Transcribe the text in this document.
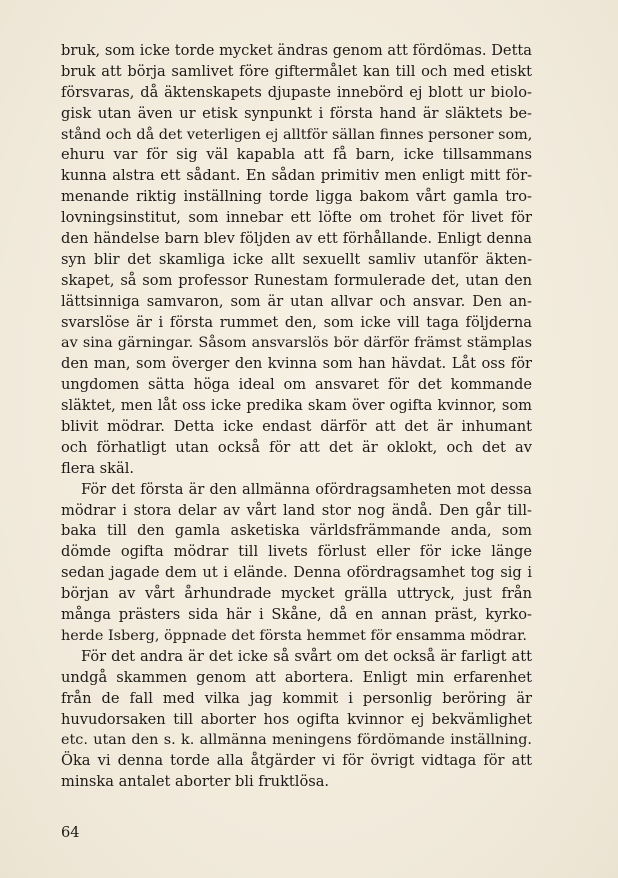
bruk, som icke torde mycket ändras genom att fördömas. Detta
bruk att börja samlivet före giftermålet kan till och med etiskt
försvaras, då äktenskapets djupaste innebörd ej blott ur biolo-
gisk utan även ur etisk synpunkt i första hand är släktets be-
stånd och då det veterligen ej alltför sällan finnes personer som,
ehuru var för sig väl kapabla att få barn, icke tillsammans
kunna alstra ett sådant. En sådan primitiv men enligt mitt för-
menande riktig inställning torde ligga bakom vårt gamla tro-
lovningsinstitut, som innebar ett löfte om trohet för livet för
den händelse barn blev följden av ett förhållande. Enligt denna
syn blir det skamliga icke allt sexuellt samliv utanför äkten-
skapet, så som professor Runestam formulerade det, utan den
lättsinniga samvaron, som är utan allvar och ansvar. Den an-
svarslöse är i första rummet den, som icke vill taga följderna
av sina gärningar. Såsom ansvarslös bör därför främst stämplas
den man, som överger den kvinna som han hävdat. Låt oss för
ungdomen sätta höga ideal om ansvaret för det kommande
släktet, men låt oss icke predika skam över ogifta kvinnor, som
blivit mödrar. Detta icke endast därför att det är inhumant
och förhatligt utan också för att det är oklokt, och det av
flera skäl.
För det första är den allmänna ofördragsamheten mot dessa
mödrar i stora delar av vårt land stor nog ändå. Den går till-
baka till den gamla asketiska världsfrämmande anda, som
dömde ogifta mödrar till livets förlust eller för icke länge
sedan jagade dem ut i elände. Denna ofördragsamhet tog sig i
början av vårt århundrade mycket grälla uttryck, just från
många prästers sida här i Skåne, då en annan präst, kyrko-
herde Isberg, öppnade det första hemmet för ensamma mödrar.
För det andra är det icke så svårt om det också är farligt att
undgå skammen genom att abortera. Enligt min erfarenhet
från de fall med vilka jag kommit i personlig beröring är
huvudorsaken till aborter hos ogifta kvinnor ej bekvämlighet
etc. utan den s. k. allmänna meningens fördömande inställning.
Öka vi denna torde alla åtgärder vi för övrigt vidtaga för att
minska antalet aborter bli fruktlösa.
64
